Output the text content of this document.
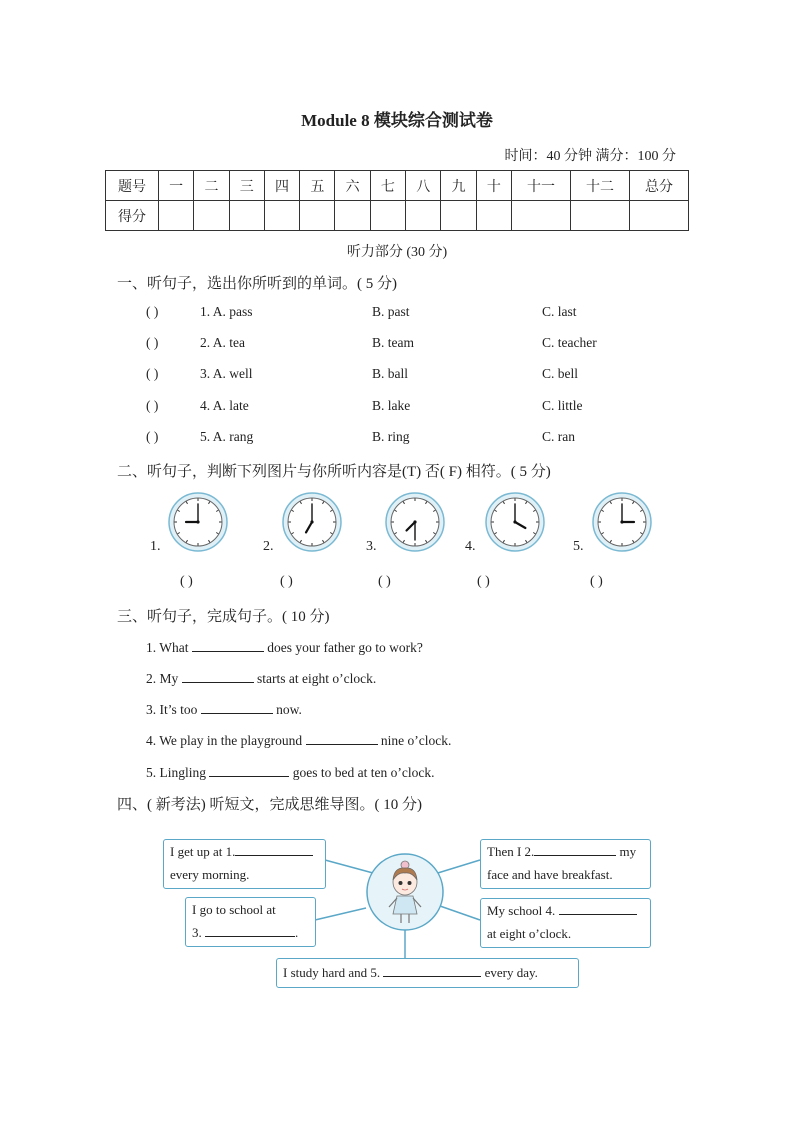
Module 8 模块综合测试卷
时间：40 分钟 满分：100 分
题号	一	二	三	四	五	六	七	八	九	十	十一	十二	总分
得分													
听力部分 (30 分)
一、听句子，选出你所听到的单词。( 5 分)
( )	1. A. pass	B. past	C. last
( )	2. A. tea	B. team	C. teacher
( )	3. A. well	B. ball	C. bell
( )	4. A. late	B. lake	C. little
( )	5. A. rang	B. ring	C. ran
二、听句子，判断下列图片与你所听内容是(T) 否( F) 相符。( 5 分)
1.	2.	3.	4.	5.
( )	( )	( )	( )	( )
三、听句子，完成句子。( 10 分)
1. What	does your father go to work?
2. My	starts at eight o’clock.
3. It’s too	now.
4. We play in the playground	nine o’clock.
5. Lingling	goes to bed at ten o’clock.
四、( 新考法) 听短文，完成思维导图。( 10 分)
I get up at 1.
every morning.
I go to school at
3.	.
Then I 2.	my
face and have breakfast.
My school 4.
at eight o’clock.
I study hard and 5.	every day.
